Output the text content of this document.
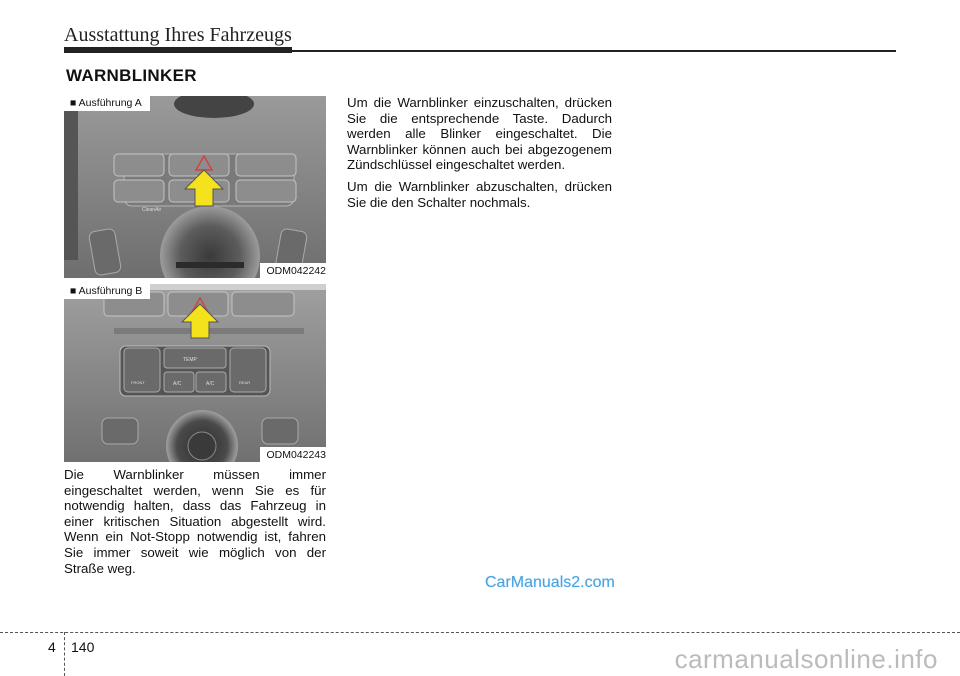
Ausstattung Ihres Fahrzeugs
WARNBLINKER
CleanAir
■ Ausführung A
ODM042242
TEMP
A/C	A/C
FRONT	REAR
■ Ausführung B
ODM042243

Die Warnblinker müssen immer eingeschaltet werden, wenn Sie es für notwendig halten, dass das Fahrzeug in einer kritischen Situation abgestellt wird. Wenn ein Not-Stopp notwendig ist, fahren Sie immer soweit wie möglich von der Straße weg.

Um die Warnblinker einzuschalten, drücken Sie die entsprechende Taste. Dadurch werden alle Blinker eingeschaltet. Die Warnblinker können auch bei abgezogenem Zündschlüssel eingeschaltet werden.

Um die Warnblinker abzuschalten, drücken Sie die den Schalter nochmals.

CarManuals2.com
4 140	carmanualsonline.info
